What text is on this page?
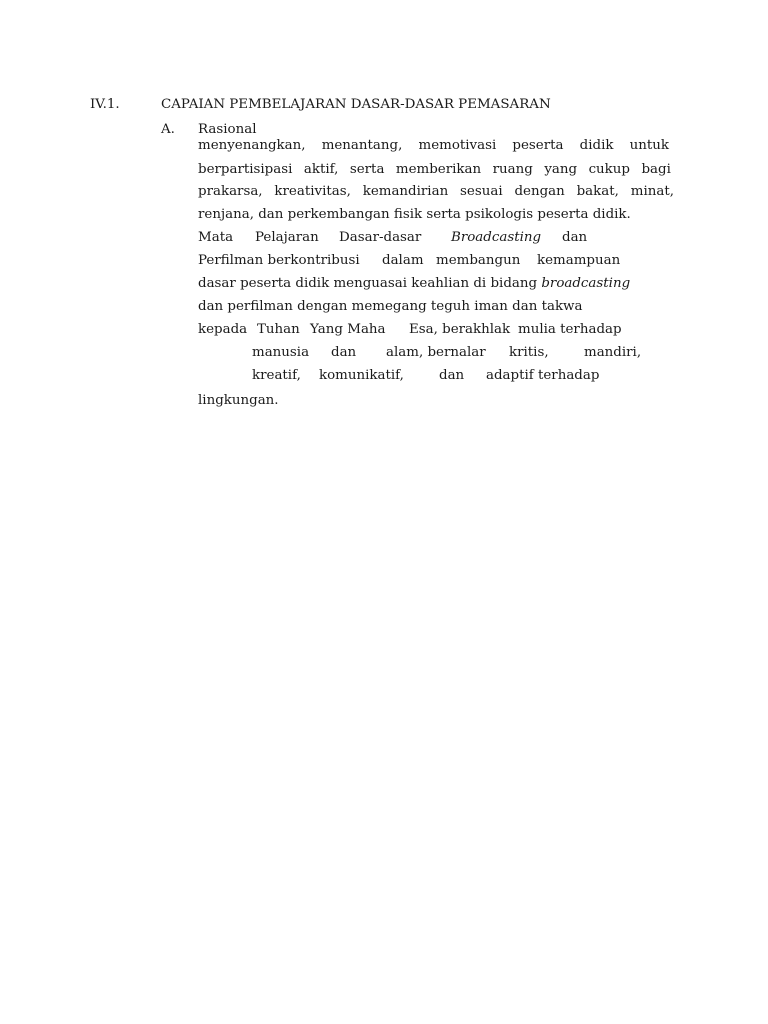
IV.1.	CAPAIAN PEMBELAJARAN DASAR-DASAR PEMASARAN
A. Rasional
menyenangkan, menantang, memotivasi peserta didik untuk
berpartisipasi aktif, serta memberikan ruang yang cukup bagi
prakarsa, kreativitas, kemandirian sesuai dengan bakat, minat,
renjana, dan perkembangan fisik serta psikologis peserta didik.
Mata Pelajaran Dasar-dasar Broadcasting dan
Perfilman berkontribusi dalam membangun kemampuan
dasar peserta didik menguasai keahlian di bidang broadcasting
dan perfilman dengan memegang teguh iman dan takwa
kepada Tuhan Yang Maha Esa, berakhlak mulia terhadap
manusia dan alam, bernalar kritis,	mandiri,
kreatif, komunikatif,	dan adaptif terhadap
lingkungan.
